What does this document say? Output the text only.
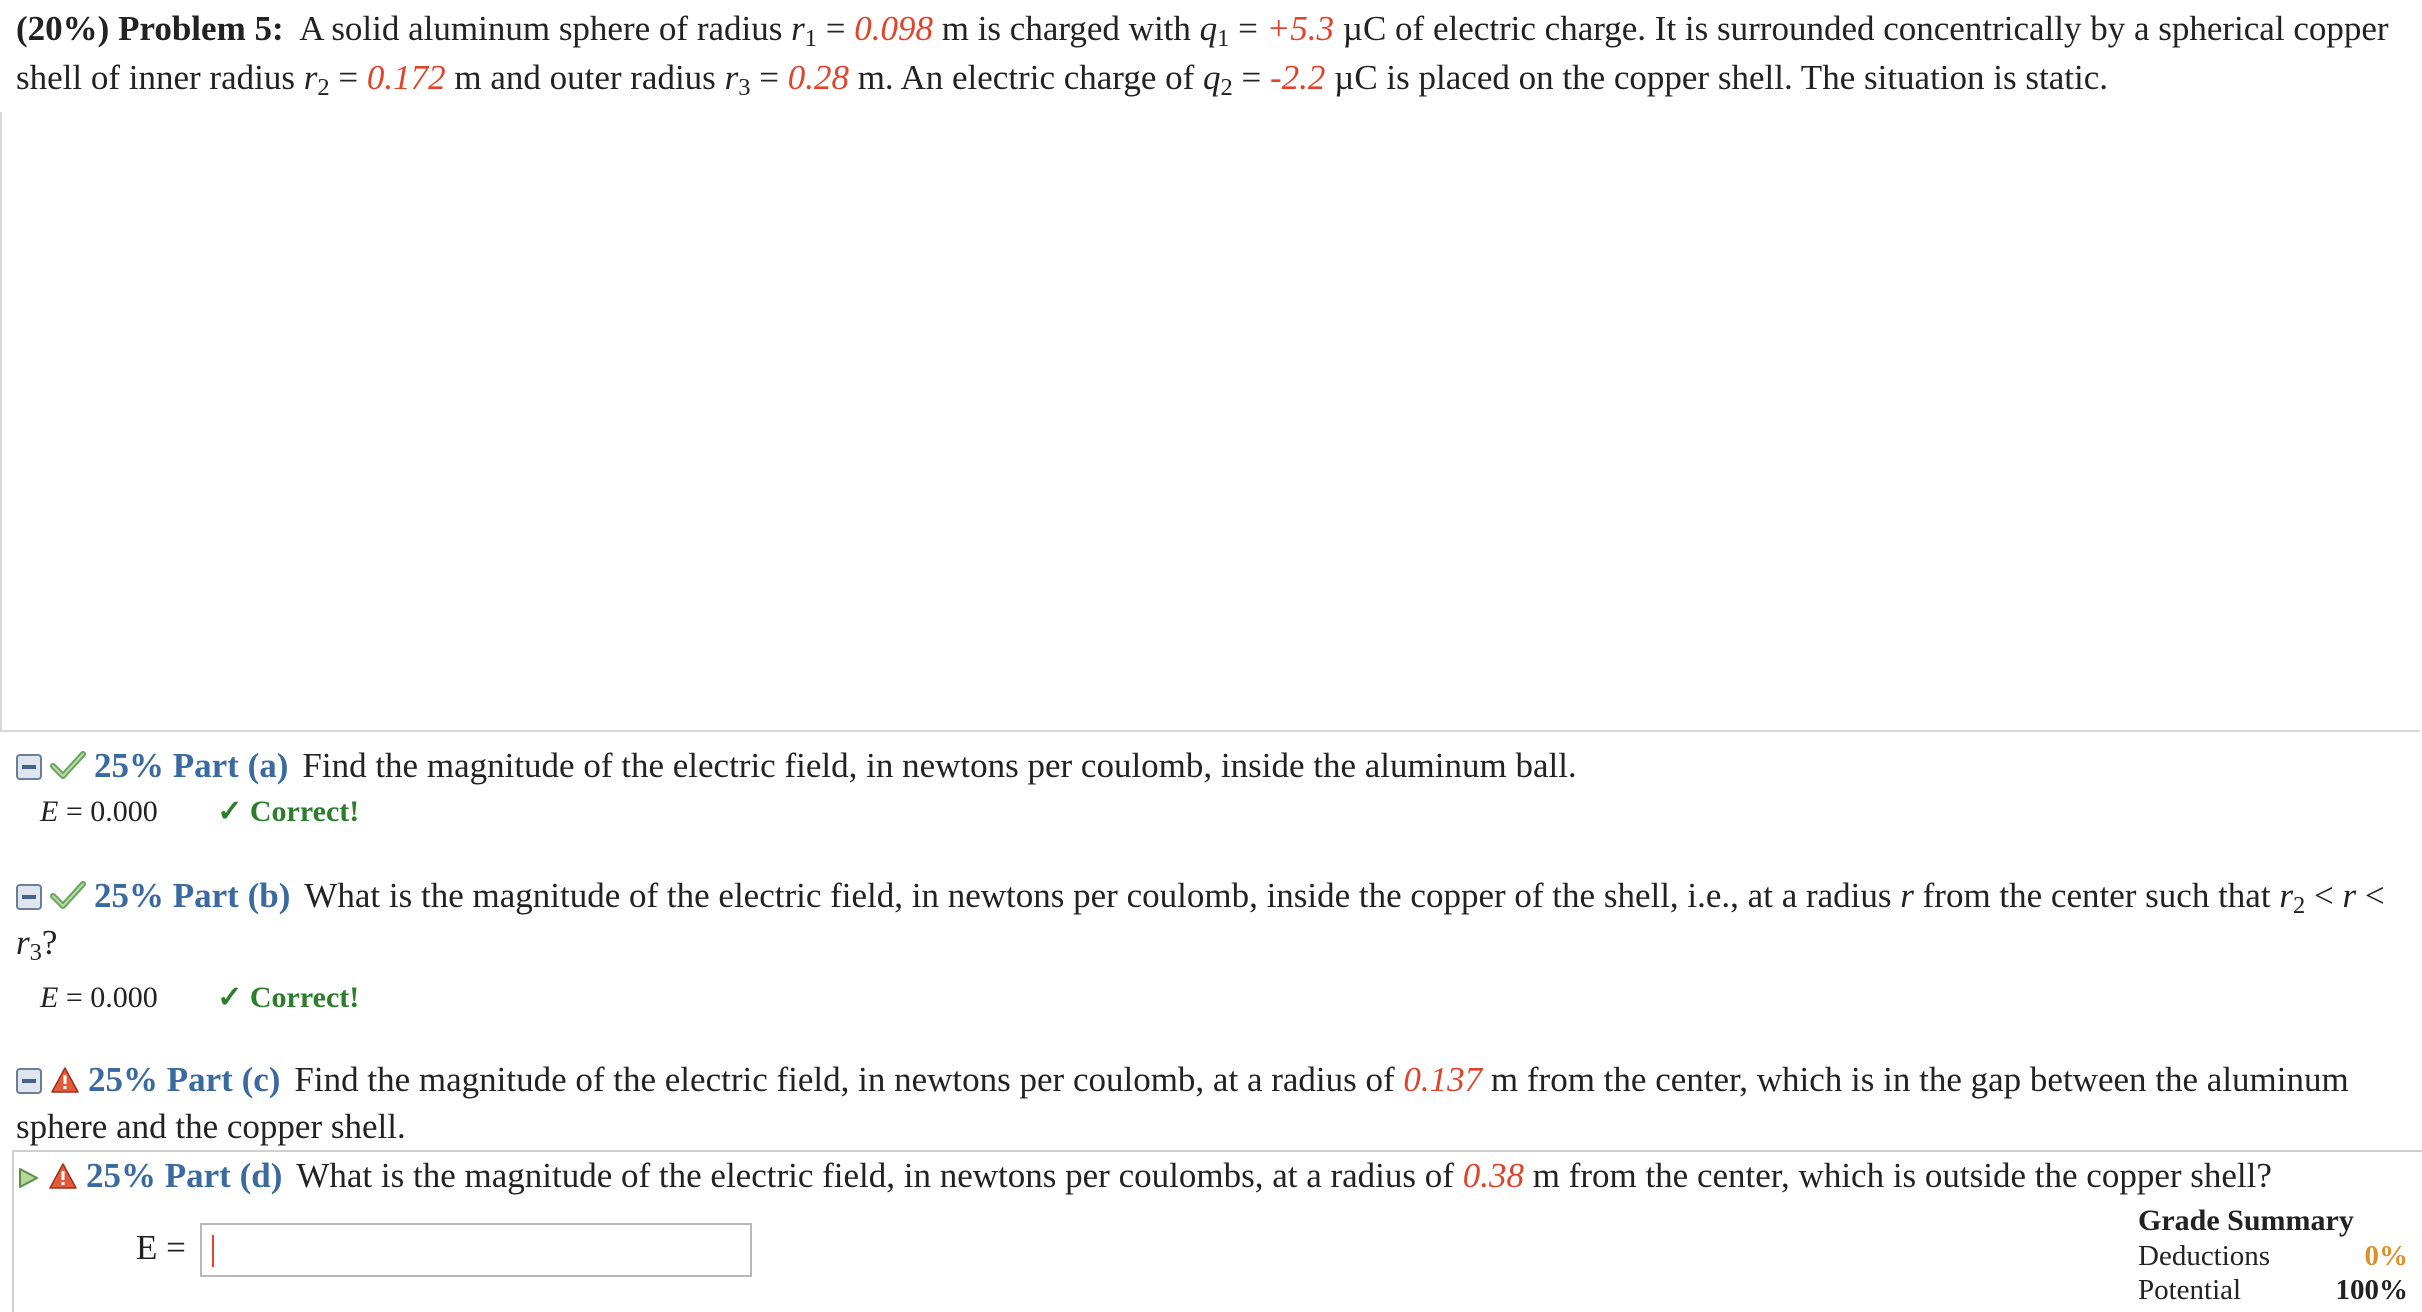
(20%) Problem 5: A solid aluminum sphere of radius $r_1 = 0.098$ m is charged with $q_1 = +5.3$ µC of electric charge. It is surrounded concentrically by a spherical copper shell of inner radius $r_2 = 0.172$ m and outer radius $r_3 = 0.28$ m. An electric charge of $q_2 = -2.2$ µC is placed on the copper shell. The situation is static.
25% Part (a) Find the magnitude of the electric field, in newtons per coulomb, inside the aluminum ball.
E = 0.000 ✓ Correct!
25% Part (b) What is the magnitude of the electric field, in newtons per coulomb, inside the copper of the shell, i.e., at a radius r from the center such that $r_2 < r < r_3$?
E = 0.000 ✓ Correct!
25% Part (c) Find the magnitude of the electric field, in newtons per coulomb, at a radius of 0.137 m from the center, which is in the gap between the aluminum sphere and the copper shell.
25% Part (d) What is the magnitude of the electric field, in newtons per coulombs, at a radius of 0.38 m from the center, which is outside the copper shell?
E =
Grade Summary
Deductions	0%
Potential	100%
